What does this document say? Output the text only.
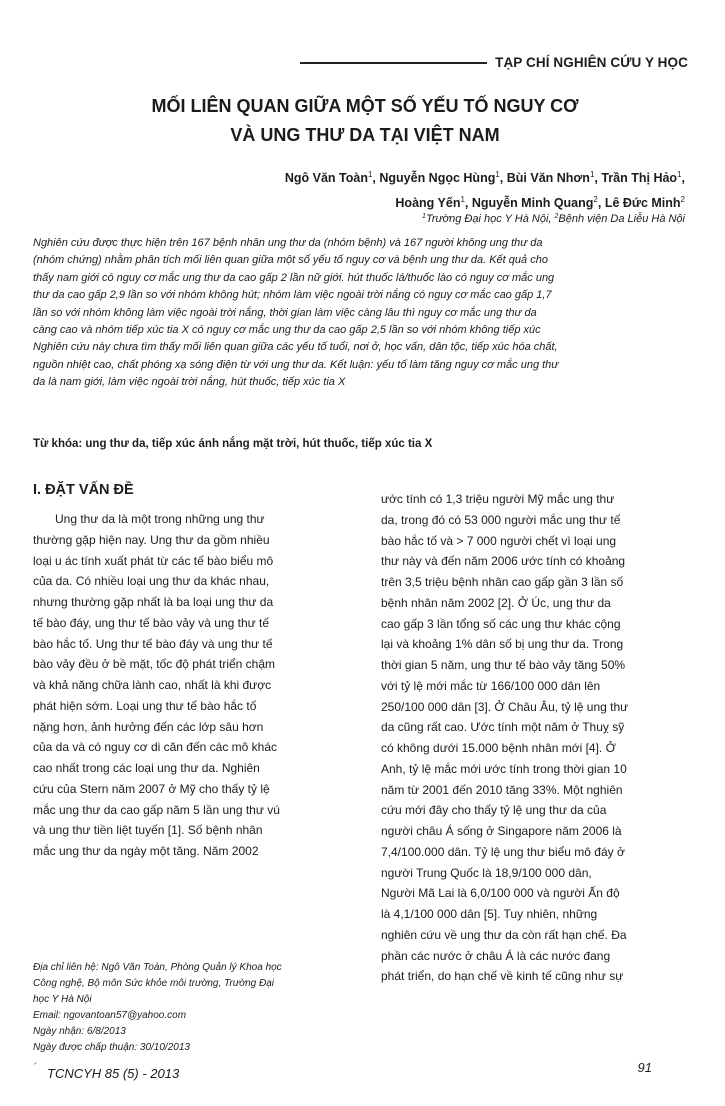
TẠP CHÍ NGHIÊN CỨU Y HỌC
MỐI LIÊN QUAN GIỮA MỘT SỐ YẾU TỐ NGUY CƠ
VÀ UNG THƯ DA TẠI VIỆT NAM
Ngô Văn Toàn$^1$, Nguyễn Ngọc Hùng$^1$, Bùi Văn Nhơn$^1$, Trần Thị Hảo$^1$,
Hoàng Yến$^1$, Nguyễn Minh Quang$^2$, Lê Đức Minh$^2$
$^1$Trường Đại học Y Hà Nội, $^2$Bệnh viện Da Liễu Hà Nội
Nghiên cứu được thực hiện trên 167 bệnh nhân ung thư da (nhóm bệnh) và 167 người không ung thư da
(nhóm chứng) nhằm phân tích mối liên quan giữa một số yếu tố nguy cơ và bệnh ung thư da. Kết quả cho
thấy nam giới có nguy cơ mắc ung thư da cao gấp 2 lần nữ giới. hút thuốc lá/thuốc lào có nguy cơ mắc ung
thư da cao gấp 2,9 lần so với nhóm không hút; nhóm làm việc ngoài trời nắng có nguy cơ mắc cao gấp 1,7
lần so với nhóm không làm việc ngoài trời nắng, thời gian làm việc càng lâu thì nguy cơ mắc ung thư da
càng cao và nhóm tiếp xúc tia X có nguy cơ mắc ung thư da cao gấp 2,5 lần so với nhóm không tiếp xúc
Nghiên cứu này chưa tìm thấy mối liên quan giữa các yếu tố tuổi, nơi ở, học vấn, dân tộc, tiếp xúc hóa chất,
nguồn nhiệt cao, chất phóng xạ sóng điện từ với ung thư da. Kết luận: yếu tố làm tăng nguy cơ mắc ung thư
da là nam giới, làm việc ngoài trời nắng, hút thuốc, tiếp xúc tia X
Từ khóa: ung thư da, tiếp xúc ánh nắng mặt trời, hút thuốc, tiếp xúc tia X
I. ĐẶT VẤN ĐỀ
Ung thư da là một trong những ung thư
thường gặp hiện nay. Ung thư da gồm nhiều
loại u ác tính xuất phát từ các tế bào biểu mô
của da. Có nhiều loại ung thư da khác nhau,
nhưng thường gặp nhất là ba loại ung thư da
tế bào đáy, ung thư tế bào vảy và ung thư tế
bào hắc tố. Ung thư tế bào đáy và ung thư tế
bào vảy đều ở bề mặt, tốc độ phát triển chậm
và khả năng chữa lành cao, nhất là khi được
phát hiện sớm. Loại ung thư tế bào hắc tố
nặng hơn, ảnh hưởng đến các lớp sâu hơn
của da và có nguy cơ di căn đến các mô khác
cao nhất trong các loại ung thư da. Nghiên
cứu của Stern năm 2007 ở Mỹ cho thấy tỷ lệ
mắc ung thư da cao gấp năm 5 lần ung thư vú
và ung thư tiền liệt tuyến [1]. Số bệnh nhân
mắc ung thư da ngày một tăng. Năm 2002
ước tính có 1,3 triệu người Mỹ mắc ung thư
da, trong đó có 53 000 người mắc ung thư tế
bào hắc tố và > 7 000 người chết vì loại ung
thư này và đến năm 2006 ước tính có khoảng
trên 3,5 triệu bệnh nhân cao gấp gần 3 lần số
bệnh nhân năm 2002 [2]. Ở Úc, ung thư da
cao gấp 3 lần tổng số các ung thư khác cộng
lại và khoảng 1% dân số bị ung thư da. Trong
thời gian 5 năm, ung thư tế bào vảy tăng 50%
với tỷ lệ mới mắc từ 166/100 000 dân lên
250/100 000 dân [3]. Ở Châu Âu, tỷ lệ ung thư
da cũng rất cao. Ước tính một năm ở Thuỵ sỹ
có không dưới 15.000 bệnh nhân mới [4]. Ở
Anh, tỷ lệ mắc mới ước tính trong thời gian 10
năm từ 2001 đến 2010 tăng 33%. Một nghiên
cứu mới đây cho thấy tỷ lệ ung thư da của
người châu Á sống ở Singapore năm 2006 là
7,4/100.000 dân. Tỷ lệ ung thư biểu mô đáy ở
người Trung Quốc là 18,9/100 000 dân,
Người Mã Lai là 6,0/100 000 và người Ấn độ
là 4,1/100 000 dân [5]. Tuy nhiên, những
nghiên cứu về ung thư da còn rất hạn chế. Đa
phần các nước ở châu Á là các nước đang
phát triển, do hạn chế về kinh tế cũng như sự
Địa chỉ liên hệ: Ngô Văn Toàn, Phòng Quản lý Khoa học
Công nghệ, Bộ môn Sức khỏe môi trường, Trường Đại
học Y Hà Nội
Email: ngovantoan57@yahoo.com
Ngày nhận: 6/8/2013
Ngày được chấp thuận: 30/10/2013
´ TCNCYH 85 (5) - 2013	91
